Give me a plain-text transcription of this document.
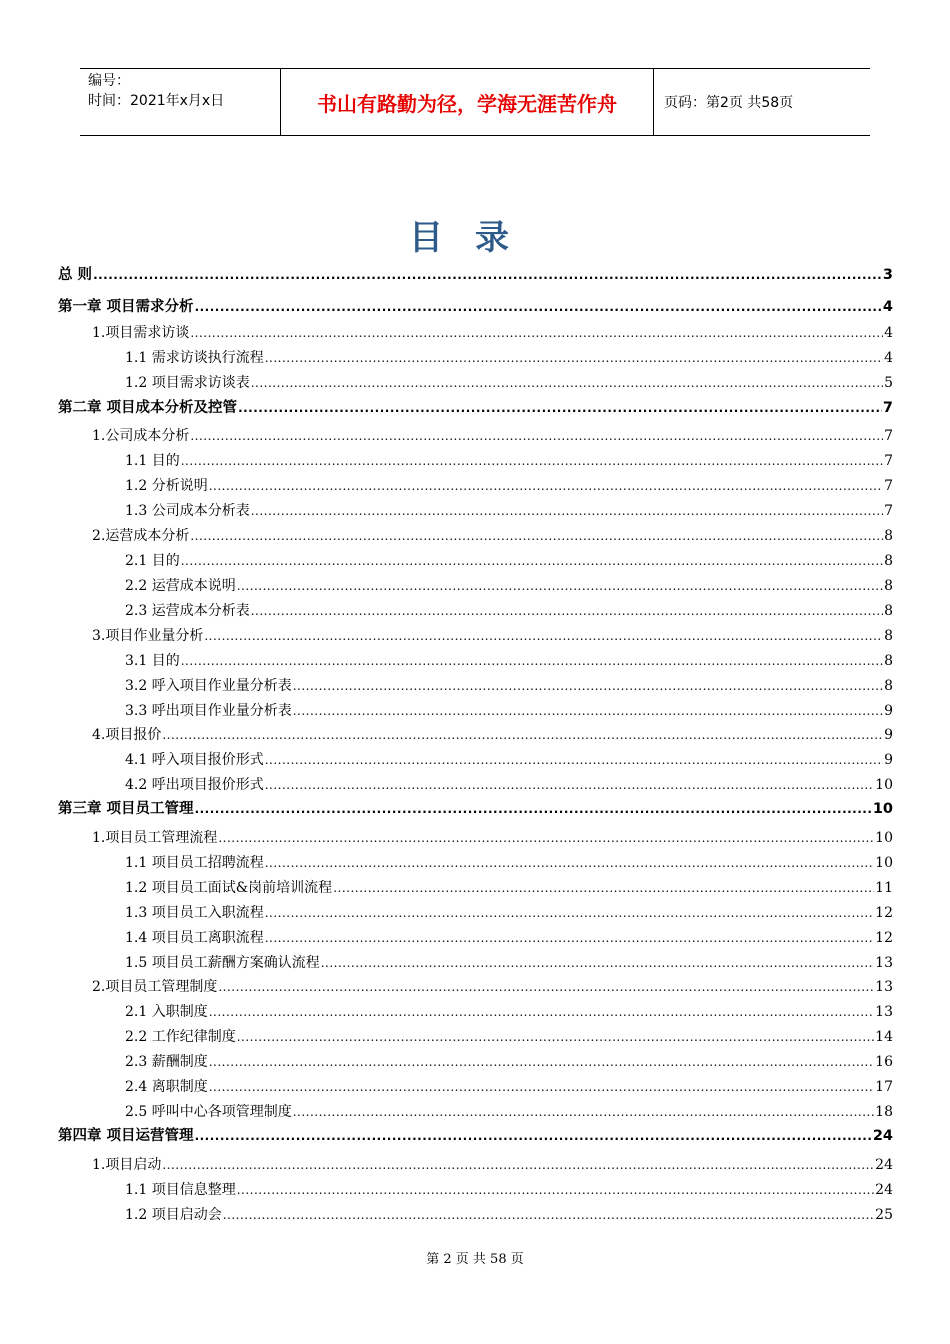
编号：
时间：2021年x月x日	书山有路勤为径，学海无涯苦作舟	页码：第2页 共58页
目录
总 则 .....	3
第一章 项目需求分析 .....	4
1.项目需求访谈 .....	4
1.1 需求访谈执行流程 .....	4
1.2 项目需求访谈表 .....	5
第二章 项目成本分析及控管 .....	7
1.公司成本分析 .....	7
1.1 目的 .....	7
1.2 分析说明 .....	7
1.3 公司成本分析表 .....	7
2.运营成本分析 .....	8
2.1 目的 .....	8
2.2 运营成本说明 .....	8
2.3 运营成本分析表 .....	8
3.项目作业量分析 .....	8
3.1 目的 .....	8
3.2 呼入项目作业量分析表 .....	8
3.3 呼出项目作业量分析表 .....	9
4.项目报价 .....	9
4.1 呼入项目报价形式 .....	9
4.2 呼出项目报价形式 .....	10
第三章 项目员工管理 .....	10
1.项目员工管理流程 .....	10
1.1 项目员工招聘流程 .....	10
1.2 项目员工面试&岗前培训流程 .....	11
1.3 项目员工入职流程 .....	12
1.4 项目员工离职流程 .....	12
1.5 项目员工薪酬方案确认流程 .....	13
2.项目员工管理制度 .....	13
2.1 入职制度 .....	13
2.2 工作纪律制度 .....	14
2.3 薪酬制度 .....	16
2.4 离职制度 .....	17
2.5 呼叫中心各项管理制度 .....	18
第四章 项目运营管理 .....	24
1.项目启动 .....	24
1.1 项目信息整理 .....	24
1.2 项目启动会 .....	25
第 2 页 共 58 页
